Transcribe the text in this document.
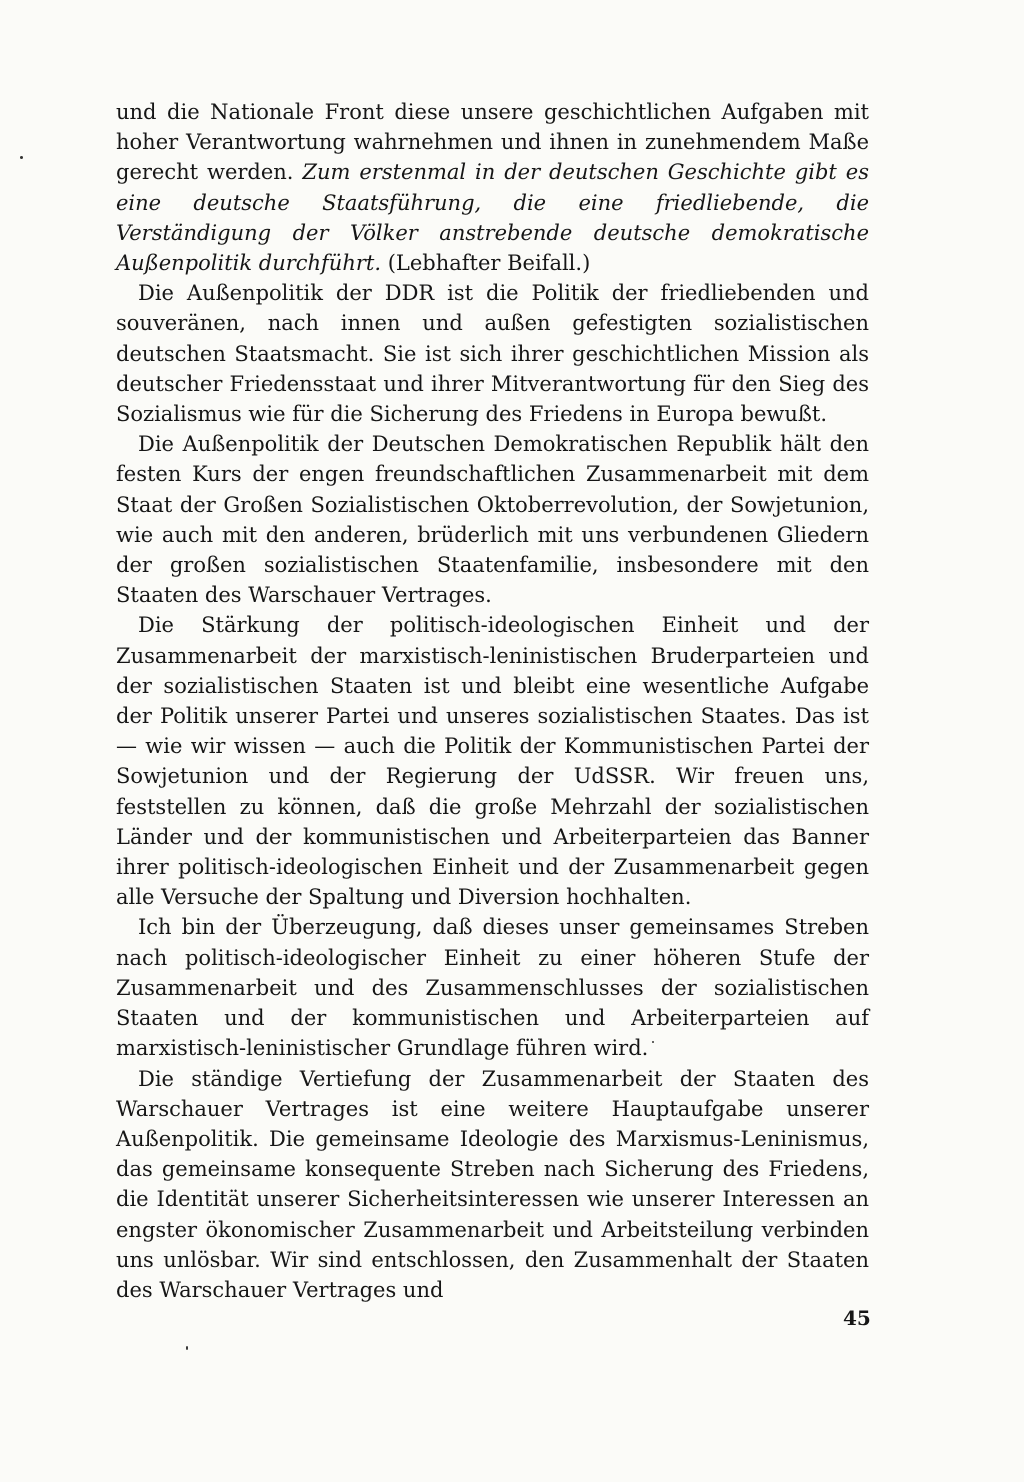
und die Nationale Front diese unsere geschichtlichen Aufgaben mit hoher Verantwortung wahrnehmen und ihnen in zunehmendem Maße gerecht werden. Zum erstenmal in der deutschen Geschichte gibt es eine deutsche Staatsführung, die eine friedliebende, die Verständigung der Völker anstrebende deutsche demokratische Außenpolitik durchführt. (Lebhafter Beifall.)

Die Außenpolitik der DDR ist die Politik der friedliebenden und souveränen, nach innen und außen gefestigten sozialistischen deutschen Staatsmacht. Sie ist sich ihrer geschichtlichen Mission als deutscher Friedensstaat und ihrer Mitverantwortung für den Sieg des Sozialismus wie für die Sicherung des Friedens in Europa bewußt.

Die Außenpolitik der Deutschen Demokratischen Republik hält den festen Kurs der engen freundschaftlichen Zusammenarbeit mit dem Staat der Großen Sozialistischen Oktoberrevolution, der Sowjetunion, wie auch mit den anderen, brüderlich mit uns verbundenen Gliedern der großen sozialistischen Staatenfamilie, insbesondere mit den Staaten des Warschauer Vertrages.

Die Stärkung der politisch-ideologischen Einheit und der Zusammenarbeit der marxistisch-leninistischen Bruderparteien und der sozialistischen Staaten ist und bleibt eine wesentliche Aufgabe der Politik unserer Partei und unseres sozialistischen Staates. Das ist — wie wir wissen — auch die Politik der Kommunistischen Partei der Sowjetunion und der Regierung der UdSSR. Wir freuen uns, feststellen zu können, daß die große Mehrzahl der sozialistischen Länder und der kommunistischen und Arbeiterparteien das Banner ihrer politisch-ideologischen Einheit und der Zusammenarbeit gegen alle Versuche der Spaltung und Diversion hochhalten.

Ich bin der Überzeugung, daß dieses unser gemeinsames Streben nach politisch-ideologischer Einheit zu einer höheren Stufe der Zusammenarbeit und des Zusammenschlusses der sozialistischen Staaten und der kommunistischen und Arbeiterparteien auf marxistisch-leninistischer Grundlage führen wird.

Die ständige Vertiefung der Zusammenarbeit der Staaten des Warschauer Vertrages ist eine weitere Hauptaufgabe unserer Außenpolitik. Die gemeinsame Ideologie des Marxismus-Leninismus, das gemeinsame konsequente Streben nach Sicherung des Friedens, die Identität unserer Sicherheitsinteressen wie unserer Interessen an engster ökonomischer Zusammenarbeit und Arbeitsteilung verbinden uns unlösbar. Wir sind entschlossen, den Zusammenhalt der Staaten des Warschauer Vertrages und

45
